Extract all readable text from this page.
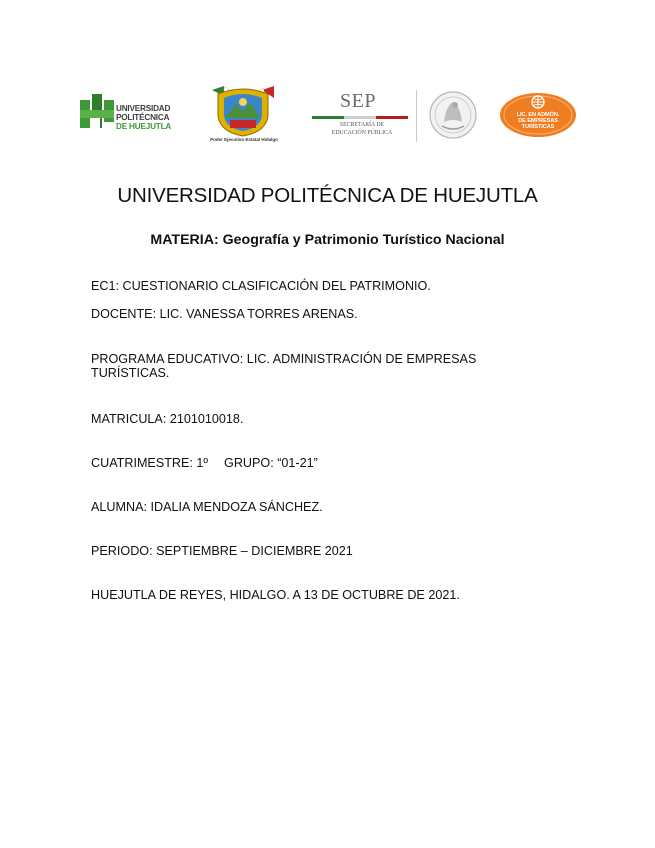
UNIVERSIDAD
POLITÉCNICA
DE HUEJUTLA
Poder Ejecutivo Estatal Hidalgo
SEP
SECRETARÍA DE
EDUCACIÓN PÚBLICA
LIC. EN ADMÓN.
DE EMPRESAS
TURÍSTICAS
UNIVERSIDAD POLITÉCNICA DE HUEJUTLA
MATERIA: Geografía y Patrimonio Turístico Nacional

EC1: CUESTIONARIO CLASIFICACIÓN DEL PATRIMONIO.

DOCENTE: LIC. VANESSA TORRES ARENAS.

PROGRAMA EDUCATIVO: LIC. ADMINISTRACIÓN DE EMPRESAS
TURÍSTICAS.

MATRICULA: 2101010018.

CUATRIMESTRE: 1º GRUPO: “01-21”

ALUMNA: IDALIA MENDOZA SÁNCHEZ.

PERIODO: SEPTIEMBRE – DICIEMBRE 2021

HUEJUTLA DE REYES, HIDALGO. A 13 DE OCTUBRE DE 2021.
